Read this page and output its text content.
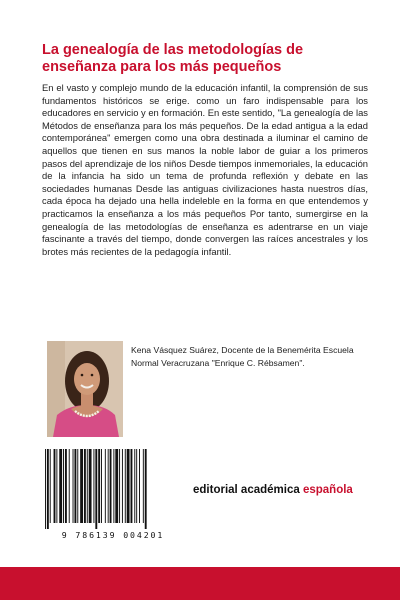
La genealogía de las metodologías de enseñanza para los más pequeños

En el vasto y complejo mundo de la educación infantil, la comprensión de sus fundamentos históricos se erige. como un faro indispensable para los educadores en servicio y en formación. En este sentido, "La genealogía de las Métodos de enseñanza para los más pequeños. De la edad antigua a la edad contemporánea" emergen como una obra destinada a iluminar el camino de aquellos que tienen en sus manos la noble labor de guiar a los primeros pasos del aprendizaje de los niños Desde tiempos inmemoriales, la educación de la infancia ha sido un tema de profunda reflexión y debate en las sociedades humanas Desde las antiguas civilizaciones hasta nuestros días, cada época ha dejado una hella indeleble en la forma en que entendemos y practicamos la enseñanza a los más pequeños Por tanto, sumergirse en la genealogía de las metodologías de enseñanza es adentrarse en un viaje fascinante a través del tiempo, donde convergen las raíces ancestrales y los brotes más recientes de la pedagogía infantil.

Kena Vásquez Suárez, Docente de la Benemérita Escuela Normal Veracruzana "Enrique C. Rébsamen".

9 786139 004201
editorial académica española
